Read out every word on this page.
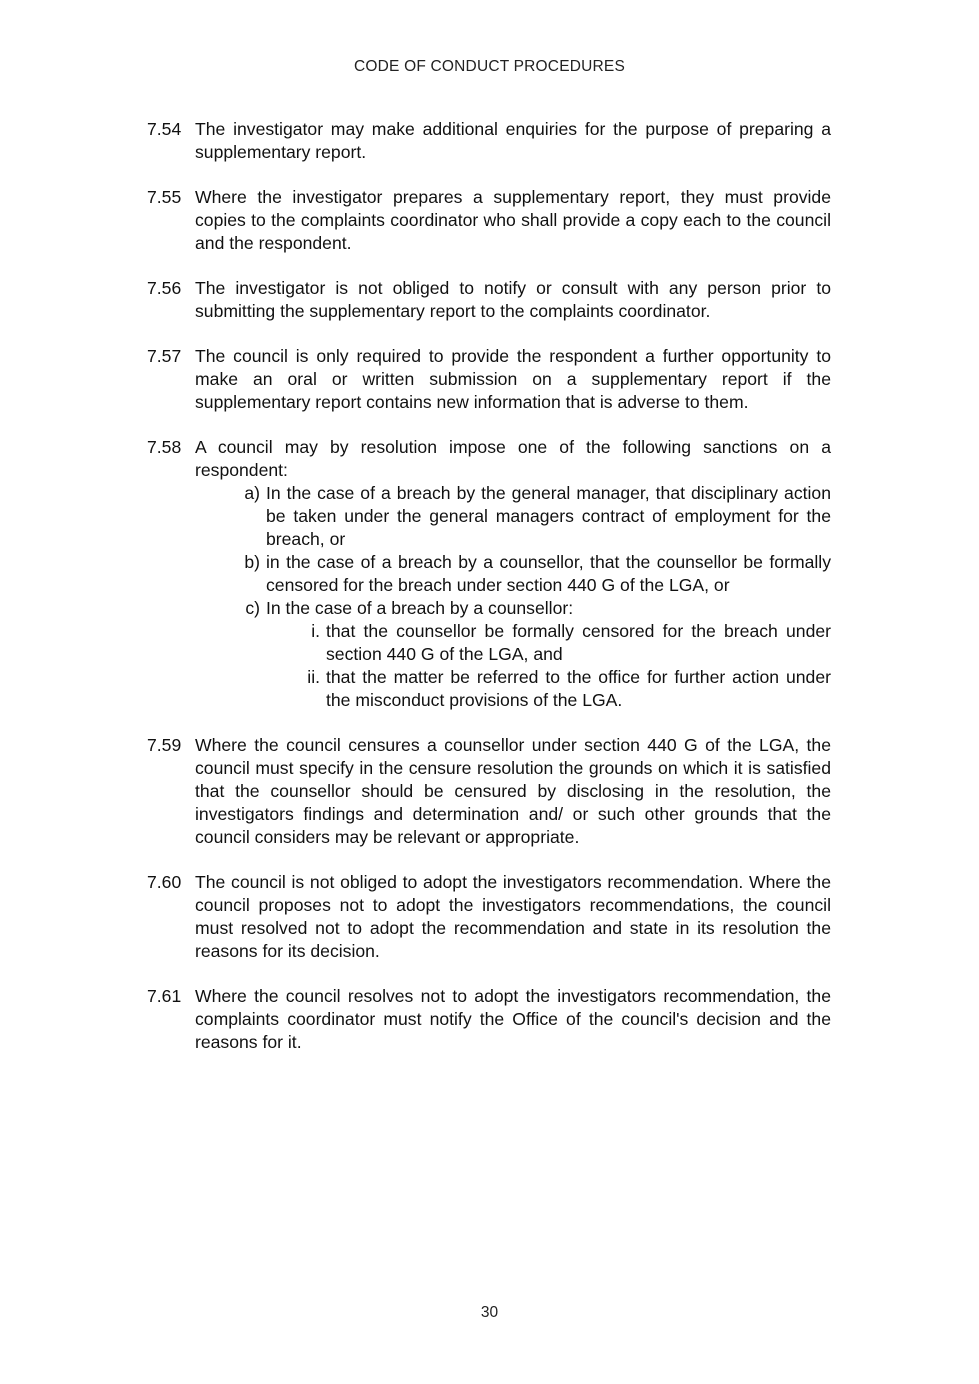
CODE OF CONDUCT PROCEDURES
7.54 The investigator may make additional enquiries for the purpose of preparing a supplementary report.
7.55 Where the investigator prepares a supplementary report, they must provide copies to the complaints coordinator who shall provide a copy each to the council and the respondent.
7.56 The investigator is not obliged to notify or consult with any person prior to submitting the supplementary report to the complaints coordinator.
7.57 The council is only required to provide the respondent a further opportunity to make an oral or written submission on a supplementary report if the supplementary report contains new information that is adverse to them.
7.58 A council may by resolution impose one of the following sanctions on a respondent:
a) In the case of a breach by the general manager, that disciplinary action be taken under the general managers contract of employment for the breach, or
b) in the case of a breach by a counsellor, that the counsellor be formally censored for the breach under section 440 G of the LGA, or
c) In the case of a breach by a counsellor:
i. that the counsellor be formally censored for the breach under section 440 G of the LGA, and
ii. that the matter be referred to the office for further action under the misconduct provisions of the LGA.
7.59 Where the council censures a counsellor under section 440 G of the LGA, the council must specify in the censure resolution the grounds on which it is satisfied that the counsellor should be censured by disclosing in the resolution, the investigators findings and determination and/ or such other grounds that the council considers may be relevant or appropriate.
7.60 The council is not obliged to adopt the investigators recommendation. Where the council proposes not to adopt the investigators recommendations, the council must resolved not to adopt the recommendation and state in its resolution the reasons for its decision.
7.61 Where the council resolves not to adopt the investigators recommendation, the complaints coordinator must notify the Office of the council's decision and the reasons for it.
30
